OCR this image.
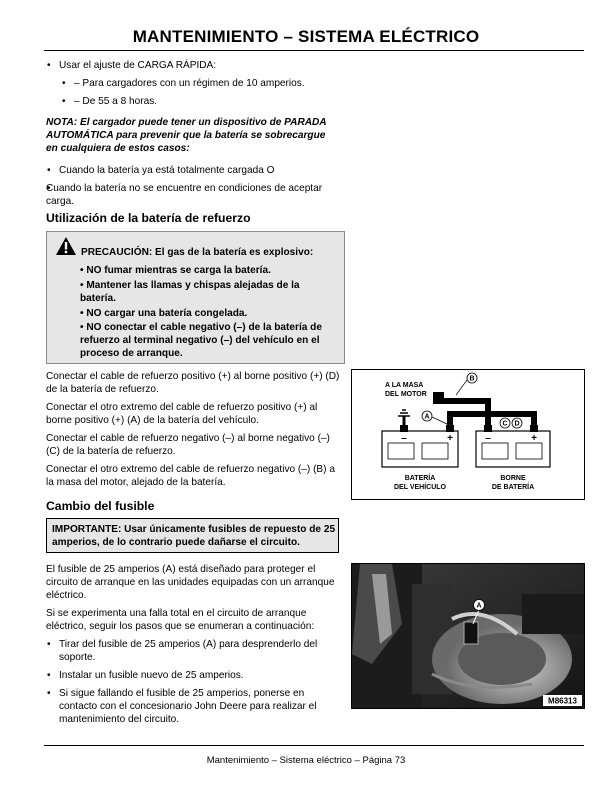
MANTENIMIENTO – SISTEMA ELÉCTRICO
• Usar el ajuste de CARGA RÁPIDA:
• – Para cargadores con un régimen de 10 amperios.
• – De 55 a 8 horas.
NOTA: El cargador puede tener un dispositivo de PARADA AUTOMÁTICA para prevenir que la batería se sobrecargue en cualquiera de estos casos:
• Cuando la batería ya está totalmente cargada O
• Cuando la batería no se encuentre en condiciones de aceptar carga.
Utilización de la batería de refuerzo
PRECAUCIÓN: El gas de la batería es explosivo:
• NO fumar mientras se carga la batería.
• Mantener las llamas y chispas alejadas de la batería.
• NO cargar una batería congelada.
• NO conectar el cable negativo (–) de la batería de refuerzo al terminal negativo (–) del vehículo en el proceso de arranque.
Conectar el cable de refuerzo positivo (+) al borne positivo (+) (D) de la batería de refuerzo.
Conectar el otro extremo del cable de refuerzo positivo (+) al borne positivo (+) (A) de la batería del vehículo.
Conectar el cable de refuerzo negativo (–) al borne negativo (–) (C) de la batería de refuerzo.
Conectar el otro extremo del cable de refuerzo negativo (–) (B) a la masa del motor, alejado de la batería.
A
B
C D
–	+	–	+
A LA MASA
DEL MOTOR
BATERÍA
DEL VEHÍCULO
BORNE
DE BATERÍA
Cambio del fusible
IMPORTANTE: Usar únicamente fusibles de repuesto de 25 amperios, de lo contrario puede dañarse el circuito.
El fusible de 25 amperios (A) está diseñado para proteger el circuito de arranque en las unidades equipadas con un arranque eléctrico.
Si se experimenta una falla total en el circuito de arranque eléctrico, seguir los pasos que se enumeran a continuación:
• Tirar del fusible de 25 amperios (A) para desprenderlo del soporte.
• Instalar un fusible nuevo de 25 amperios.
• Si sigue fallando el fusible de 25 amperios, ponerse en contacto con el concesionario John Deere para realizar el mantenimiento del circuito.
A
M86313
Mantenimiento – Sistema eléctrico – Página 73
